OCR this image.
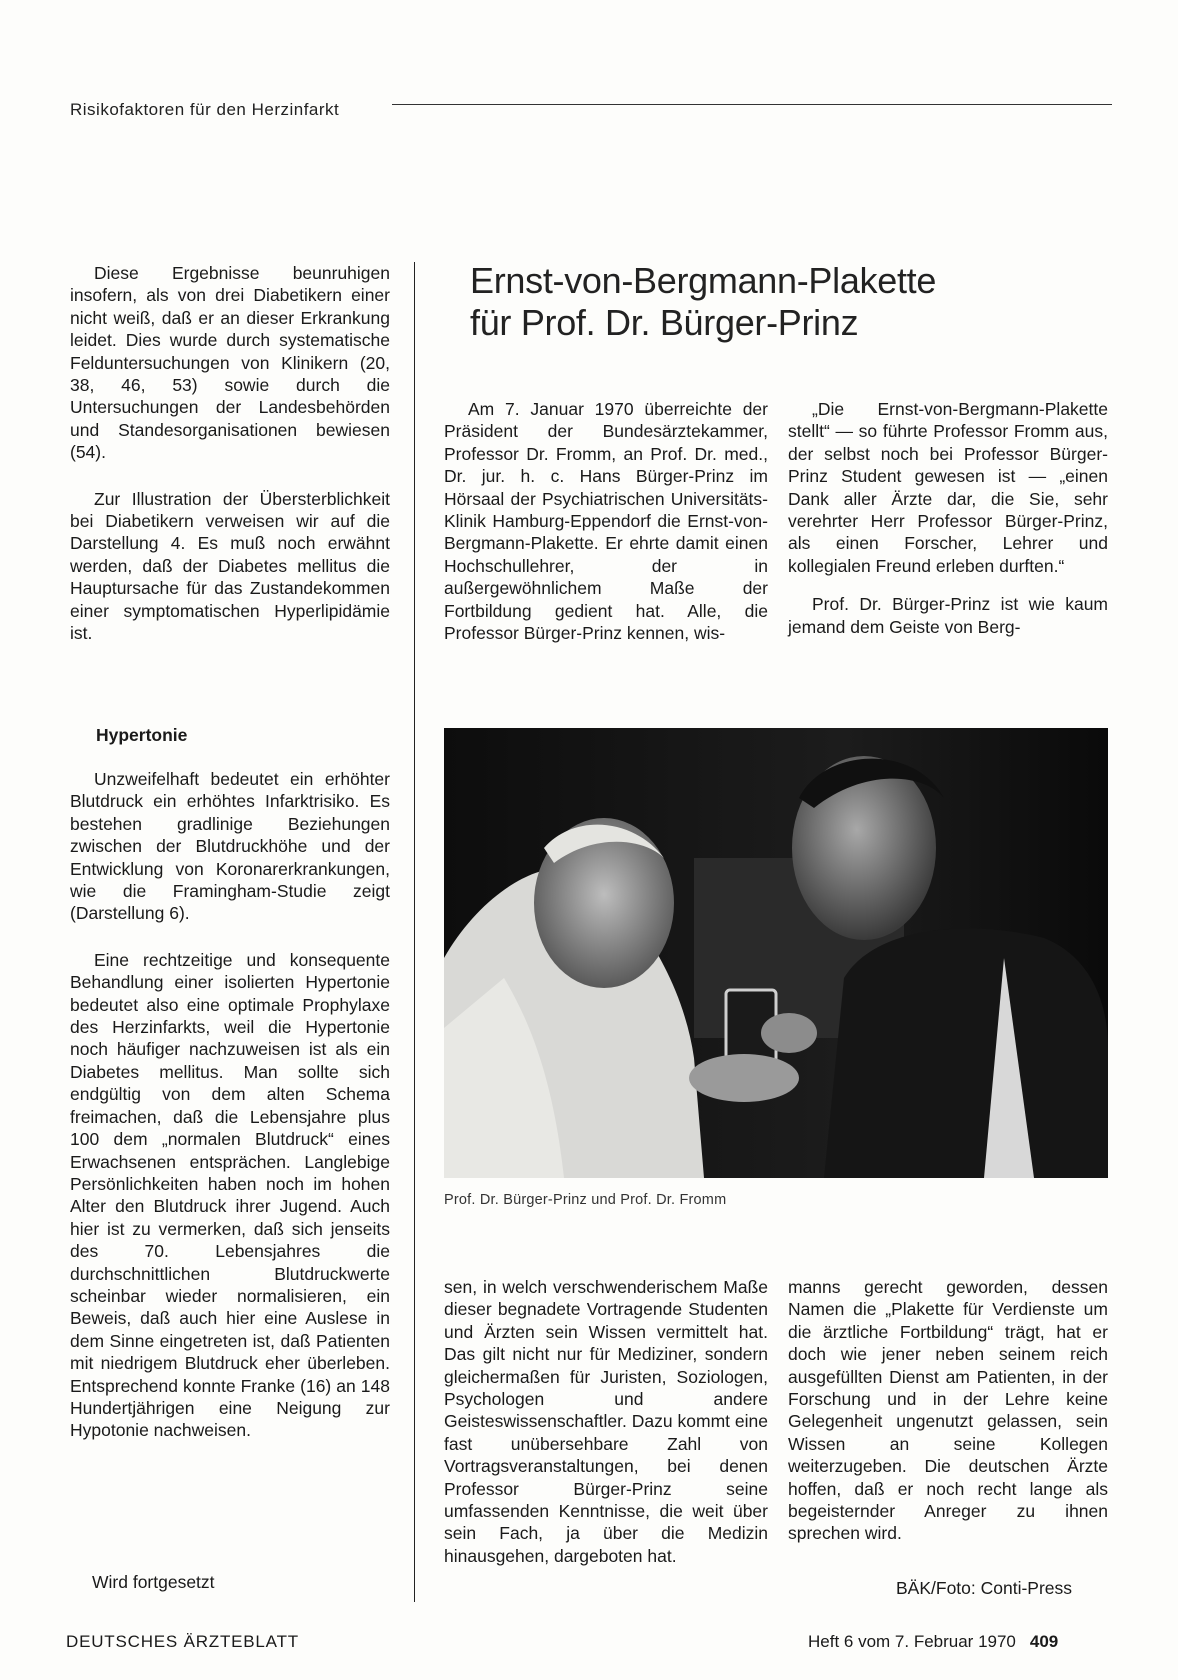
Risikofaktoren für den Herzinfarkt

Diese Ergebnisse beunruhigen insofern, als von drei Diabetikern einer nicht weiß, daß er an dieser Erkrankung leidet. Dies wurde durch systematische Felduntersuchungen von Klinikern (20, 38, 46, 53) sowie durch die Untersuchungen der Landesbehörden und Standesorganisationen bewiesen (54).

Zur Illustration der Übersterblichkeit bei Diabetikern verweisen wir auf die Darstellung 4. Es muß noch erwähnt werden, daß der Diabetes mellitus die Hauptursache für das Zustandekommen einer symptomatischen Hyperlipidämie ist.

Hypertonie

Unzweifelhaft bedeutet ein erhöhter Blutdruck ein erhöhtes Infarktrisiko. Es bestehen gradlinige Beziehungen zwischen der Blutdruckhöhe und der Entwicklung von Koronarerkrankungen, wie die Framingham-Studie zeigt (Darstellung 6).

Eine rechtzeitige und konsequente Behandlung einer isolierten Hypertonie bedeutet also eine optimale Prophylaxe des Herzinfarkts, weil die Hypertonie noch häufiger nachzuweisen ist als ein Diabetes mellitus. Man sollte sich endgültig von dem alten Schema freimachen, daß die Lebensjahre plus 100 dem „normalen Blutdruck“ eines Erwachsenen entsprächen. Langlebige Persönlichkeiten haben noch im hohen Alter den Blutdruck ihrer Jugend. Auch hier ist zu vermerken, daß sich jenseits des 70. Lebensjahres die durchschnittlichen Blutdruckwerte scheinbar wieder normalisieren, ein Beweis, daß auch hier eine Auslese in dem Sinne eingetreten ist, daß Patienten mit niedrigem Blutdruck eher überleben. Entsprechend konnte Franke (16) an 148 Hundertjährigen eine Neigung zur Hypotonie nachweisen.

Wird fortgesetzt
Ernst-von-Bergmann-Plakette
für Prof. Dr. Bürger-Prinz

Am 7. Januar 1970 überreichte der Präsident der Bundesärztekammer, Professor Dr. Fromm, an Prof. Dr. med., Dr. jur. h. c. Hans Bürger-Prinz im Hörsaal der Psychiatrischen Universitäts-Klinik Hamburg-Eppendorf die Ernst-von-Bergmann-Plakette. Er ehrte damit einen Hochschullehrer, der in außergewöhnlichem Maße der Fortbildung gedient hat. Alle, die Professor Bürger-Prinz kennen, wis-

„Die Ernst-von-Bergmann-Plakette stellt“ — so führte Professor Fromm aus, der selbst noch bei Professor Bürger-Prinz Student gewesen ist — „einen Dank aller Ärzte dar, die Sie, sehr verehrter Herr Professor Bürger-Prinz, als einen Forscher, Lehrer und kollegialen Freund erleben durften.“

Prof. Dr. Bürger-Prinz ist wie kaum jemand dem Geiste von Berg-

Prof. Dr. Bürger-Prinz und Prof. Dr. Fromm

sen, in welch verschwenderischem Maße dieser begnadete Vortragende Studenten und Ärzten sein Wissen vermittelt hat. Das gilt nicht nur für Mediziner, sondern gleichermaßen für Juristen, Soziologen, Psychologen und andere Geisteswissenschaftler. Dazu kommt eine fast unübersehbare Zahl von Vortragsveranstaltungen, bei denen Professor Bürger-Prinz seine umfassenden Kenntnisse, die weit über sein Fach, ja über die Medizin hinausgehen, dargeboten hat.

manns gerecht geworden, dessen Namen die „Plakette für Verdienste um die ärztliche Fortbildung“ trägt, hat er doch wie jener neben seinem reich ausgefüllten Dienst am Patienten, in der Forschung und in der Lehre keine Gelegenheit ungenutzt gelassen, sein Wissen an seine Kollegen weiterzugeben. Die deutschen Ärzte hoffen, daß er noch recht lange als begeisternder Anreger zu ihnen sprechen wird.

BÄK/Foto: Conti-Press
DEUTSCHES ÄRZTEBLATT	Heft 6 vom 7. Februar 1970 409
